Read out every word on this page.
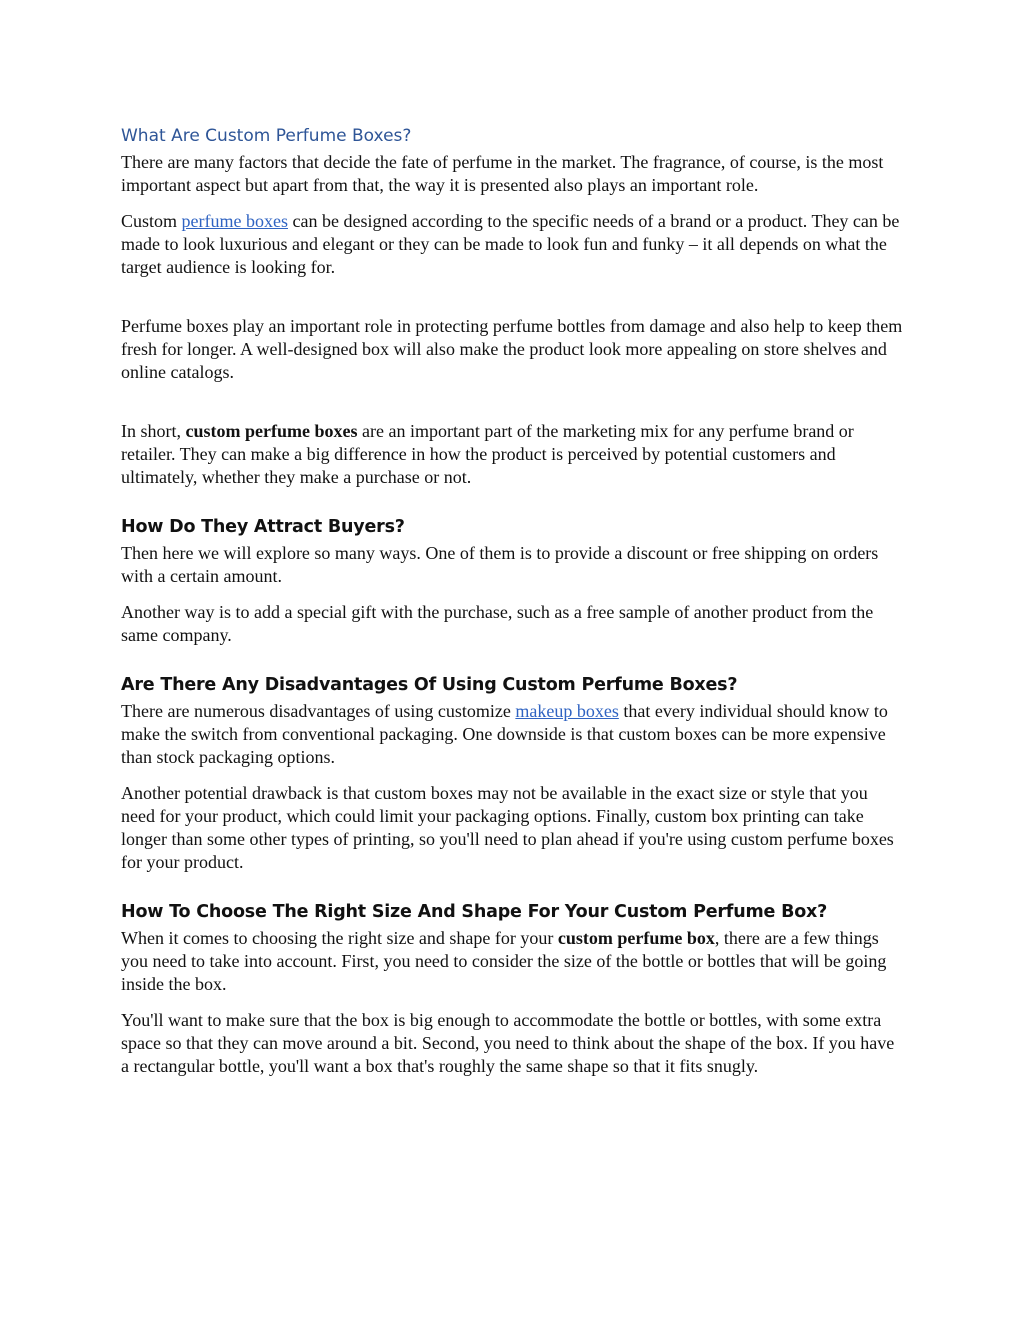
What Are Custom Perfume Boxes?

There are many factors that decide the fate of perfume in the market. The fragrance, of course, is the most important aspect but apart from that, the way it is presented also plays an important role.

Custom perfume boxes can be designed according to the specific needs of a brand or a product. They can be made to look luxurious and elegant or they can be made to look fun and funky – it all depends on what the target audience is looking for.

Perfume boxes play an important role in protecting perfume bottles from damage and also help to keep them fresh for longer. A well-designed box will also make the product look more appealing on store shelves and online catalogs.

In short, custom perfume boxes are an important part of the marketing mix for any perfume brand or retailer. They can make a big difference in how the product is perceived by potential customers and ultimately, whether they make a purchase or not.

How Do They Attract Buyers?

Then here we will explore so many ways. One of them is to provide a discount or free shipping on orders with a certain amount.

Another way is to add a special gift with the purchase, such as a free sample of another product from the same company.

Are There Any Disadvantages Of Using Custom Perfume Boxes?

There are numerous disadvantages of using customize makeup boxes that every individual should know to make the switch from conventional packaging. One downside is that custom boxes can be more expensive than stock packaging options.

Another potential drawback is that custom boxes may not be available in the exact size or style that you need for your product, which could limit your packaging options. Finally, custom box printing can take longer than some other types of printing, so you'll need to plan ahead if you're using custom perfume boxes for your product.

How To Choose The Right Size And Shape For Your Custom Perfume Box?

When it comes to choosing the right size and shape for your custom perfume box, there are a few things you need to take into account. First, you need to consider the size of the bottle or bottles that will be going inside the box.

You'll want to make sure that the box is big enough to accommodate the bottle or bottles, with some extra space so that they can move around a bit. Second, you need to think about the shape of the box. If you have a rectangular bottle, you'll want a box that's roughly the same shape so that it fits snugly.
